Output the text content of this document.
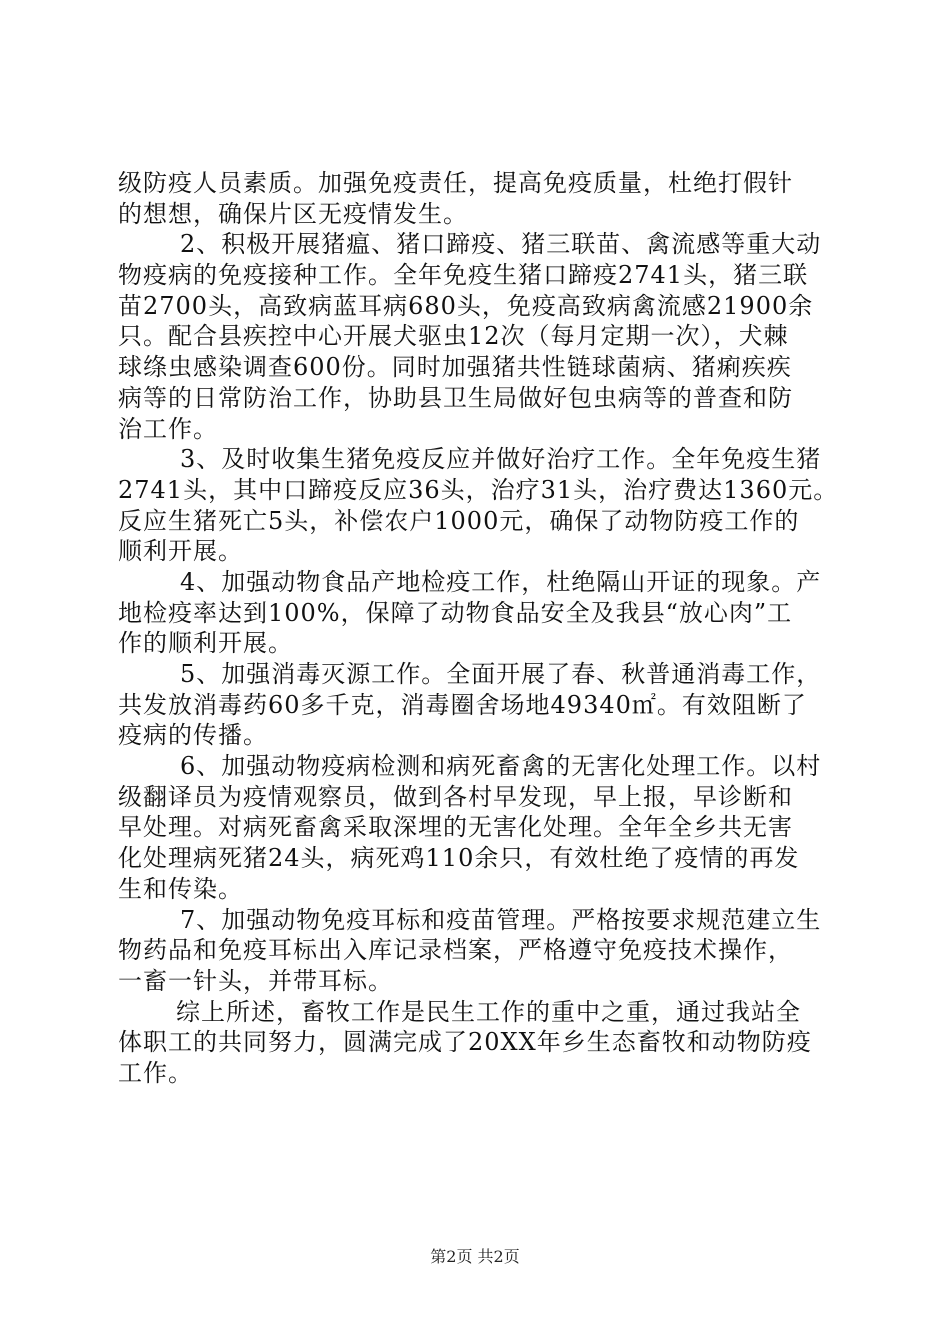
级防疫人员素质。加强免疫责任，提高免疫质量，杜绝打假针
的想想，确保片区无疫情发生。
2、积极开展猪瘟、猪口蹄疫、猪三联苗、禽流感等重大动
物疫病的免疫接种工作。全年免疫生猪口蹄疫2741头，猪三联
苗2700头，高致病蓝耳病680头，免疫高致病禽流感21900余
只。配合县疾控中心开展犬驱虫12次（每月定期一次），犬棘
球绦虫感染调查600份。同时加强猪共性链球菌病、猪痢疾疾
病等的日常防治工作，协助县卫生局做好包虫病等的普查和防
治工作。
3、及时收集生猪免疫反应并做好治疗工作。全年免疫生猪
2741头，其中口蹄疫反应36头，治疗31头，治疗费达1360元。
反应生猪死亡5头，补偿农户1000元，确保了动物防疫工作的
顺利开展。
4、加强动物食品产地检疫工作，杜绝隔山开证的现象。产
地检疫率达到100%，保障了动物食品安全及我县“放心肉”工
作的顺利开展。
5、加强消毒灭源工作。全面开展了春、秋普通消毒工作，
共发放消毒药60多千克，消毒圈舍场地49340㎡。有效阻断了
疫病的传播。
6、加强动物疫病检测和病死畜禽的无害化处理工作。以村
级翻译员为疫情观察员，做到各村早发现，早上报，早诊断和
早处理。对病死畜禽采取深埋的无害化处理。全年全乡共无害
化处理病死猪24头，病死鸡110余只，有效杜绝了疫情的再发
生和传染。
7、加强动物免疫耳标和疫苗管理。严格按要求规范建立生
物药品和免疫耳标出入库记录档案，严格遵守免疫技术操作，
一畜一针头，并带耳标。
综上所述，畜牧工作是民生工作的重中之重，通过我站全
体职工的共同努力，圆满完成了20XX年乡生态畜牧和动物防疫
工作。
第2页 共2页
